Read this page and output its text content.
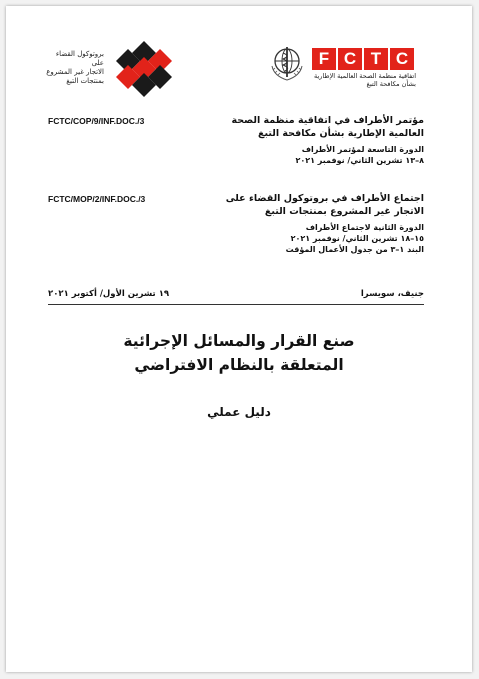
بروتوكول القضاء على
الاتجار غير المشروع
بمنتجات التبغ
F C T C
اتفاقية منظمة الصحة العالمية الإطارية
بشأن مكافحة التبغ
FCTC/COP/9/INF.DOC./3	مؤتمر الأطراف في اتفاقية منظمة الصحة
العالمية الإطارية بشأن مكافحة التبغ
الدورة التاسعة لمؤتمر الأطراف
٨–١٣ تشرين الثاني/ نوفمبر ٢٠٢١
FCTC/MOP/2/INF.DOC./3	اجتماع الأطراف في بروتوكول القضاء على
الاتجار غير المشروع بمنتجات التبغ
الدورة الثانية لاجتماع الأطراف
١٥–١٨ تشرين الثاني/ نوفمبر ٢٠٢١
البند ١–٣ من جدول الأعمال المؤقت
جنيف، سويسرا
١٩ تشرين الأول/ أكتوبر ٢٠٢١
صنع القرار والمسائل الإجرائية
المتعلقة بالنظام الافتراضي
دليل عملي
